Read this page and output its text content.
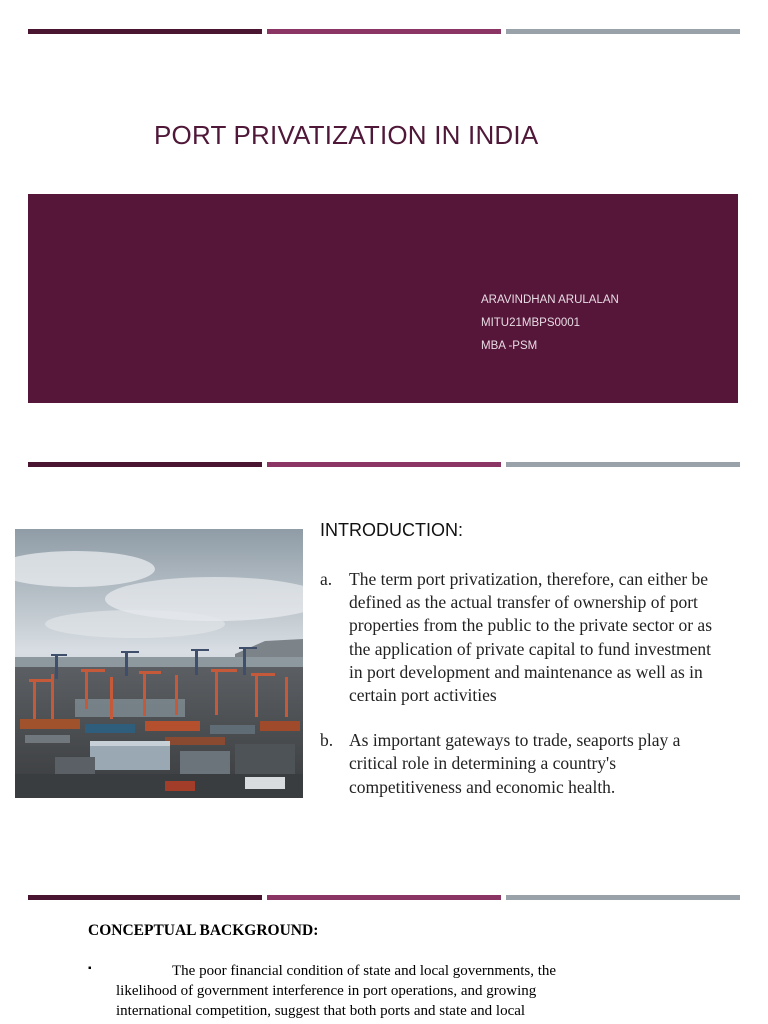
PORT PRIVATIZATION IN INDIA
ARAVINDHAN ARULALAN
MITU21MBPS0001
MBA -PSM
INTRODUCTION:
a. The term port privatization, therefore, can either be defined as the actual transfer of ownership of port properties from the public to the private sector or as the application of private capital to fund investment in port development and maintenance as well as in certain port activities
b. As important gateways to trade, seaports play a critical role in determining a country's competitiveness and economic health.
CONCEPTUAL BACKGROUND:
▪	The poor financial condition of state and local governments, the likelihood of government interference in port operations, and growing international competition, suggest that both ports and state and local
